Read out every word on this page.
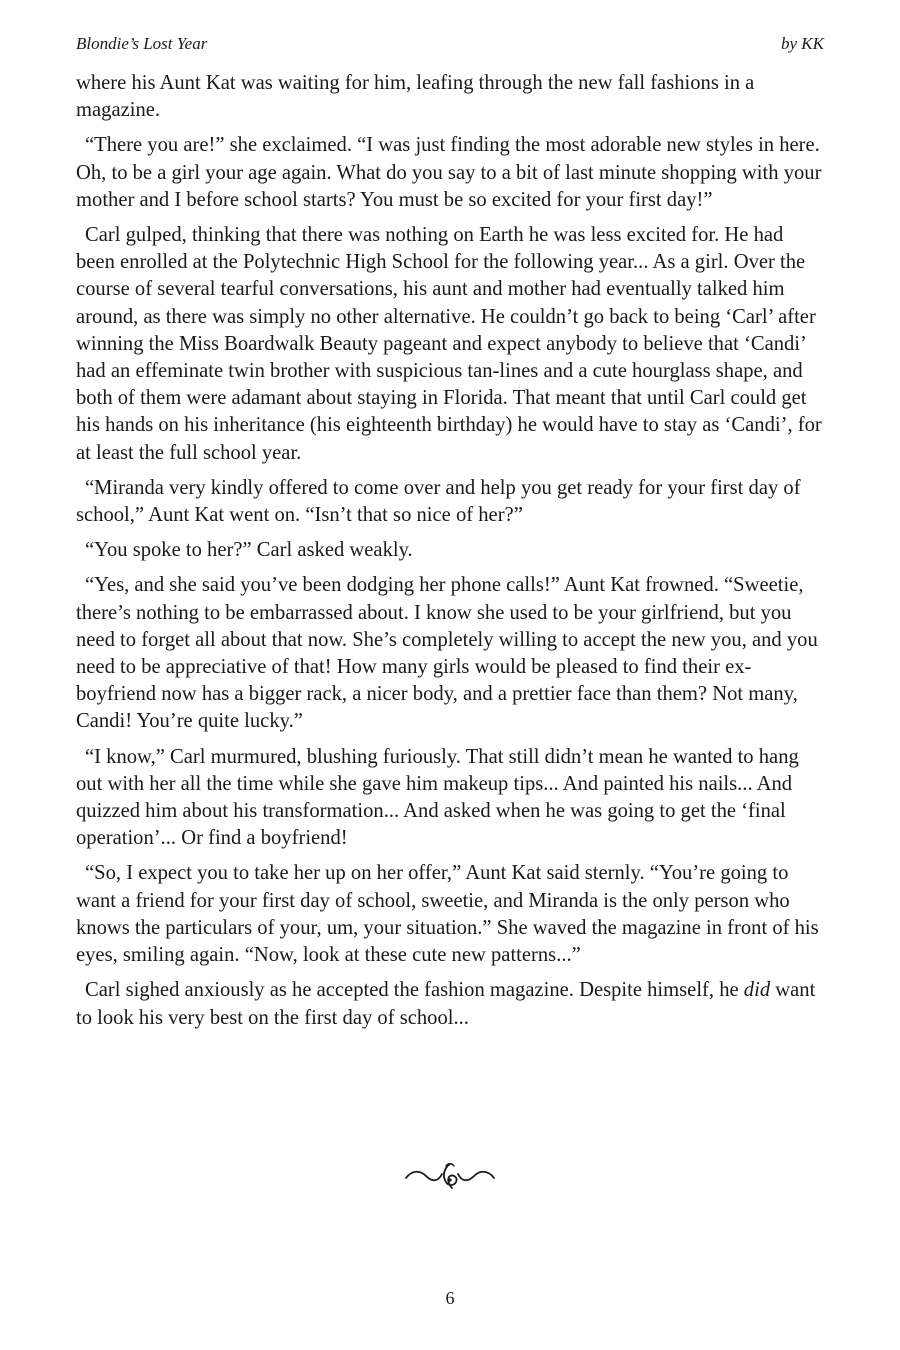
Blondie’s Lost Year	by KK

where his Aunt Kat was waiting for him, leafing through the new fall fashions in a magazine.

“There you are!” she exclaimed. “I was just finding the most adorable new styles in here. Oh, to be a girl your age again. What do you say to a bit of last minute shopping with your mother and I before school starts? You must be so excited for your first day!”

Carl gulped, thinking that there was nothing on Earth he was less excited for. He had been enrolled at the Polytechnic High School for the following year... As a girl. Over the course of several tearful conversations, his aunt and mother had eventually talked him around, as there was simply no other alternative. He couldn’t go back to being ‘Carl’ after winning the Miss Boardwalk Beauty pageant and expect anybody to believe that ‘Candi’ had an effeminate twin brother with suspicious tan-lines and a cute hourglass shape, and both of them were adamant about staying in Florida. That meant that until Carl could get his hands on his inheritance (his eighteenth birthday) he would have to stay as ‘Candi’, for at least the full school year.

“Miranda very kindly offered to come over and help you get ready for your first day of school,” Aunt Kat went on. “Isn’t that so nice of her?”

“You spoke to her?” Carl asked weakly.

“Yes, and she said you’ve been dodging her phone calls!” Aunt Kat frowned. “Sweetie, there’s nothing to be embarrassed about. I know she used to be your girlfriend, but you need to forget all about that now. She’s completely willing to accept the new you, and you need to be appreciative of that! How many girls would be pleased to find their ex-boyfriend now has a bigger rack, a nicer body, and a prettier face than them? Not many, Candi! You’re quite lucky.”

“I know,” Carl murmured, blushing furiously. That still didn’t mean he wanted to hang out with her all the time while she gave him makeup tips... And painted his nails... And quizzed him about his transformation... And asked when he was going to get the ‘final operation’... Or find a boyfriend!

“So, I expect you to take her up on her offer,” Aunt Kat said sternly. “You’re going to want a friend for your first day of school, sweetie, and Miranda is the only person who knows the particulars of your, um, your situation.” She waved the magazine in front of his eyes, smiling again. “Now, look at these cute new patterns...”

Carl sighed anxiously as he accepted the fashion magazine. Despite himself, he did want to look his very best on the first day of school...

6
